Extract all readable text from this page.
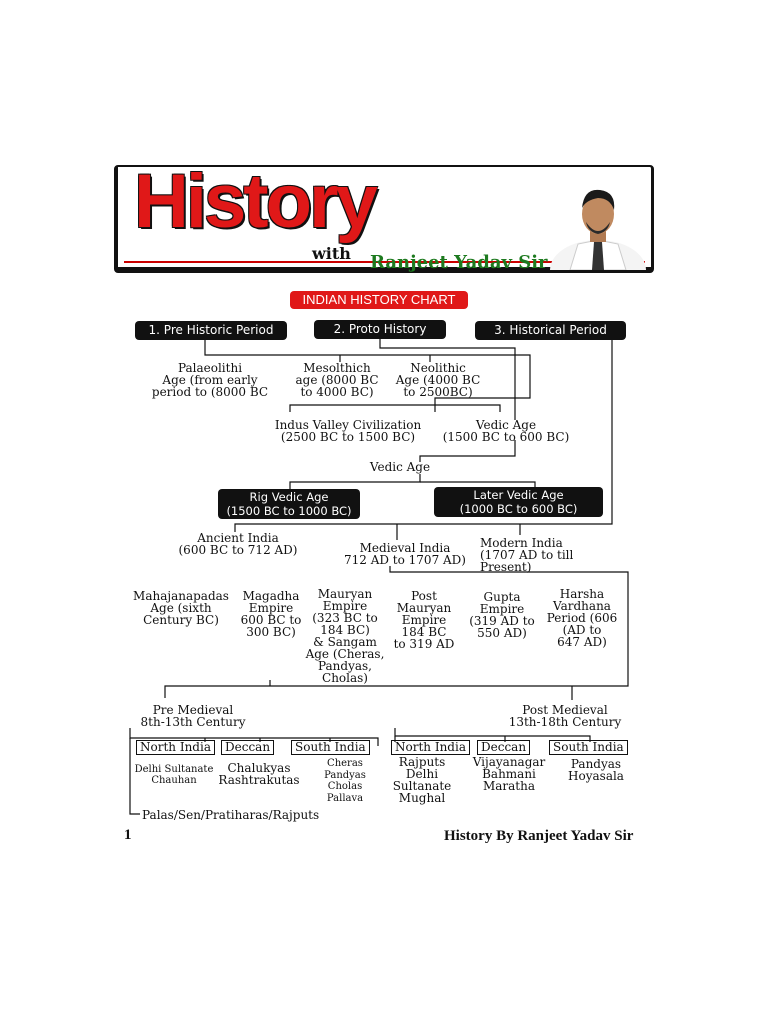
History
with Ranjeet Yadav Sir
INDIAN HISTORY CHART
1. Pre Historic Period	2. Proto History	3. Historical Period
Palaeolithi
Age (from early
period to (8000 BC
Mesolthich
age (8000 BC
to 4000 BC)
Neolithic
Age (4000 BC
to 2500BC)
Indus Valley Civilization
(2500 BC to 1500 BC)
Vedic Age
(1500 BC to 600 BC)
Vedic Age
Rig Vedic Age
(1500 BC to 1000 BC)
Later Vedic Age
(1000 BC to 600 BC)
Ancient India
(600 BC to 712 AD)	Medieval India
712 AD to 1707 AD)
Modern India
(1707 AD to till
Present)
Mahajanapadas
Age (sixth
Century BC)
Magadha
Empire
600 BC to
300 BC)
Mauryan
Empire
(323 BC to
184 BC)
& Sangam
Age (Cheras,
Pandyas,
Cholas)
Post
Mauryan
Empire
184 BC
to 319 AD
Gupta
Empire
(319 AD to
550 AD)
Harsha
Vardhana
Period (606
(AD to
647 AD)
Pre Medieval
8th-13th Century
Post Medieval
13th-18th Century
North India	Deccan	South India	North India	Deccan	South India
Delhi Sultanate
Chauhan
Chalukyas
Rashtrakutas
Cheras
Pandyas
Cholas
Pallava
Rajputs
Delhi
Sultanate
Mughal
Vijayanagar
Bahmani
Maratha
Pandyas
Hoyasala
Palas/Sen/Pratiharas/Rajputs
1	History By Ranjeet Yadav Sir
